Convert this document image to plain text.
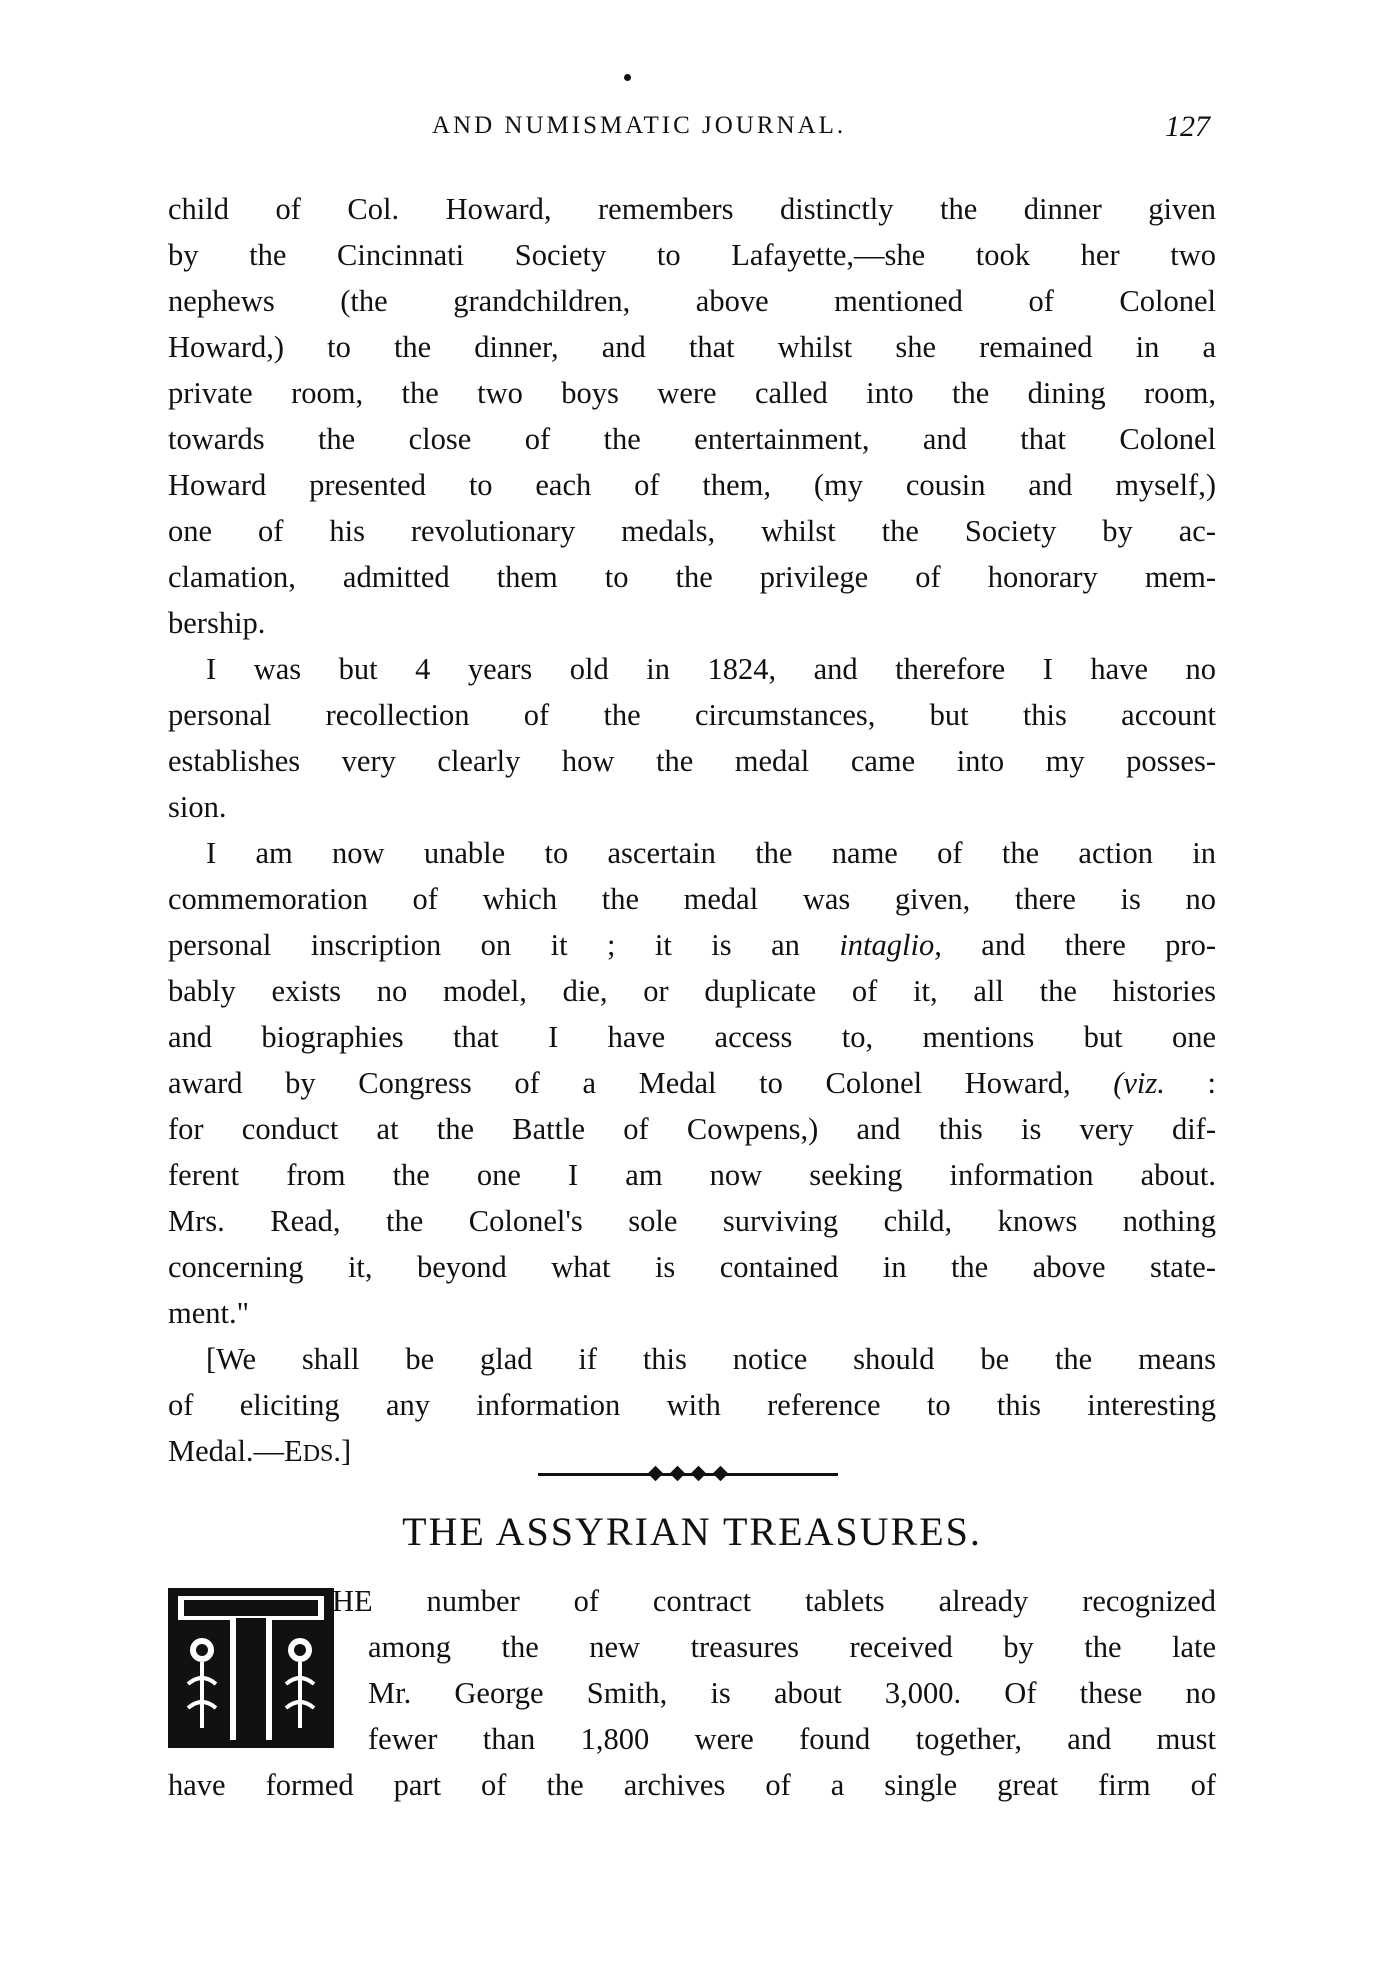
AND NUMISMATIC JOURNAL.	127

child of Col. Howard, remembers distinctly the dinner given
by the Cincinnati Society to Lafayette,—she took her two
nephews (the grandchildren, above mentioned of Colonel
Howard,) to the dinner, and that whilst she remained in a
private room, the two boys were called into the dining room,
towards the close of the entertainment, and that Colonel
Howard presented to each of them, (my cousin and myself,)
one of his revolutionary medals, whilst the Society by ac-
clamation, admitted them to the privilege of honorary mem-
bership.

I was but 4 years old in 1824, and therefore I have no
personal recollection of the circumstances, but this account
establishes very clearly how the medal came into my posses-
sion.

I am now unable to ascertain the name of the action in
commemoration of which the medal was given, there is no
personal inscription on it ; it is an intaglio, and there pro-
bably exists no model, die, or duplicate of it, all the histories
and biographies that I have access to, mentions but one
award by Congress of a Medal to Colonel Howard, (viz. :
for conduct at the Battle of Cowpens,) and this is very dif-
ferent from the one I am now seeking information about.
Mrs. Read, the Colonel's sole surviving child, knows nothing
concerning it, beyond what is contained in the above state-
ment."

[We shall be glad if this notice should be the means
of eliciting any information with reference to this interesting
Medal.—EDS.]

THE ASSYRIAN TREASURES.
HE number of contract tablets already recognized
among the new treasures received by the late
Mr. George Smith, is about 3,000. Of these no
fewer than 1,800 were found together, and must
have formed part of the archives of a single great firm of
